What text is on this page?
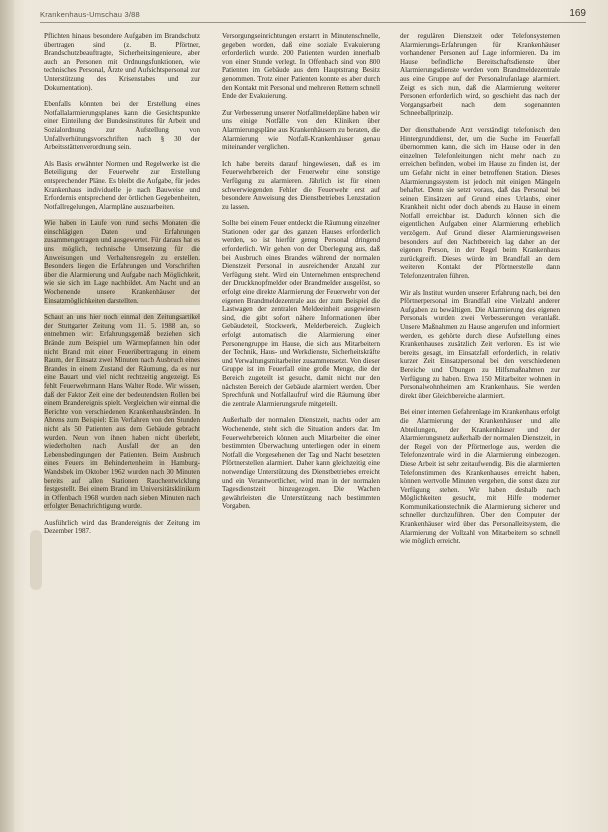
Krankenhaus-Umschau 3/88	169

Pflichten hinaus besondere Aufgaben im Brandschutz übertragen sind (z. B. Pförtner, Brandschutzbeauftragte, Sicherheitsingenieure, aber auch an Personen mit Ordnungsfunktionen, wie technisches Personal, Ärzte und Aufsichtspersonal zur Unterstützung des Krisenstabes und zur Dokumentation).

Ebenfalls könnten bei der Erstellung eines Notfallalarmierungsplanes kann die Gesichtspunkte einer Einteilung der Bundesinstitutes für Arbeit und Sozialordnung zur Aufstellung von Unfallverhütungsvorschriften nach § 30 der Arbeitsstättenverordnung sein.

Als Basis erwähnter Normen und Regelwerke ist die Beteiligung der Feuerwehr zur Erstellung entsprechender Pläne. Es bleibt die Aufgabe, für jedes Krankenhaus individuelle je nach Bauweise und Erfordernis entsprechend der örtlichen Gegebenheiten, Notfallregelungen, Alarmpläne auszuarbeiten.

Wie haben in Laufe von rund sechs Monaten die einschlägigen Daten und Erfahrungen zusammengetragen und ausgewertet. Für daraus hat es uns möglich, technische Umsetzung für die Anweisungen und Verhaltensregeln zu erstellen. Besonders liegen die Erfahrungen und Vorschriften über die Alarmierung und Aufgabe nach Möglichkeit, wie sie sich im Lage nachbildet. Am Nacht und an Wochenende unsere Krankenhäuser der Einsatzmöglichkeiten darstellten.

Schaut an uns hier noch einmal den Zeitungsartikel der Stuttgarter Zeitung vom 11. 5. 1988 an, so entnehmen wir: Erfahrungsgemäß beziehen sich Brände zum Beispiel um Wärmepfannen hin oder nicht Brand mit einer Feuerübertragung in einem Raum, der Einsatz zwei Minuten nach Ausbruch eines Brandes in einem Zustand der Räumung, da es nur eine Bauart und viel nicht rechtzeitig angezeigt. Es fehlt Feuerwehrmann Hans Walter Rode. Wir wissen, daß der Faktor Zeit eine der bedeutendsten Rollen bei einem Brandereignis spielt. Vergleichen wir einmal die Berichte von verschiedenen Krankenhausbränden. In Ahrens zum Beispiel: Ein Verfahren von den Stunden nicht als 50 Patienten aus dem Gebäude gebracht wurden. Neun von ihnen haben nicht überlebt, wiederholten nach Ausfall der an den Lebensbedingungen der Patienten. Beim Ausbruch eines Feuers im Behindertenheim in Hamburg-Wandsbek im Oktober 1962 wurden nach 30 Minuten bereits auf allen Stationen Rauchentwicklung festgestellt. Bei einem Brand im Universitätsklinikum in Offenbach 1968 wurden nach sieben Minuten nach erfolgter Benachrichtigung wurde.

Ausführlich wird das Brandereignis der Zeitung im Dezember 1987.

Versorgungseinrichtungen erstarrt in Minutenschnelle, gegeben worden, daß eine soziale Evakuierung erforderlich wurde. 200 Patienten wurden innerhalb von einer Stunde verlegt. In Offenbach sind von 800 Patienten im Gebäude aus dem Hauptstrang Besitz genommen. Trotz einer Patienten konnte es aber durch den Kontakt mit Personal und mehreren Rettern schnell Ende der Evakuierung.

Zur Verbesserung unserer Notfallmeldepläne haben wir uns einige Notfälle von den Kliniken über Alarmierungspläne aus Krankenhäusern zu beraten, die Alarmierung wie Notfall-Krankenhäuser genau miteinander verglichen.

Ich habe bereits darauf hingewiesen, daß es im Feuerwehrbereich der Feuerwehr eine sonstige Verfügung zu alarmieren. Jährlich ist für einen schwerwiegenden Fehler die Feuerwehr erst auf besondere Anweisung des Dienstbetriebes Lenzstation zu lassen.

Sollte bei einem Feuer entdeckt die Räumung einzelner Stationen oder gar des ganzen Hauses erforderlich werden, so ist hierfür genug Personal dringend erforderlich. Wir gehen von der Überlegung aus, daß bei Ausbruch eines Brandes während der normalen Dienstzeit Personal in ausreichender Anzahl zur Verfügung steht. Wird ein Unternehmen entsprechend der Druckknopfmelder oder Brandmelder ausgelöst, so erfolgt eine direkte Alarmierung der Feuerwehr von der eigenen Brandmeldezentrale aus der zum Beispiel die Lastwagen der zentralen Meldeeinheit ausgewiesen sind, die gibt sofort nähere Informationen über Gebäudeteil, Stockwerk, Melderbereich. Zugleich erfolgt automatisch die Alarmierung einer Personengruppe im Hause, die sich aus Mitarbeitern der Technik, Haus- und Werkdienste, Sicherheitskräfte und Verwaltungsmitarbeiter zusammensetzt. Von dieser Gruppe ist im Feuerfall eine große Menge, die der Bereich zugeteilt ist gesucht, damit nicht nur den nächsten Bereich der Gebäude alarmiert werden. Über Sprechfunk und Notfallaufruf wird die Räumung über die zentrale Alarmierungsrufe mitgeteilt.

Außerhalb der normalen Dienstzeit, nachts oder am Wochenende, steht sich die Situation anders dar. Im Feuerwehrbereich können auch Mitarbeiter die einer bestimmten Überwachung unterliegen oder in einem Notfall die Vorgesehenen der Tag und Nacht besetzten Pförtnerstellen alarmiert. Daher kann gleichzeitig eine notwendige Unterstützung des Dienstbetriebes erreicht und ein Verantwortlicher, wird man in der normalen Tagesdienstzeit hinzugezogen. Die Wachen gewährleisten die Unterstützung nach bestimmten Vorgaben.

der regulären Dienstzeit oder Telefonsystemen Alarmierungs-Erfahrungen für Krankenhäuser vorhandener Personen auf Lage informieren. Da im Hause befindliche Bereitschaftsdienste über Alarmierungsdienste werden vom Brandmeldezentrale aus eine Gruppe auf der Personalrufanlage alarmiert. Zeigt es sich nun, daß die Alarmierung weiterer Personen erforderlich wird, so geschieht das nach der Vorgangsarbeit nach dem sogenannten Schneeballprinzip.

Der diensthabende Arzt verständigt telefonisch den Hintergrunddienst, der, um die Suche im Feuerfall übernommen kann, die sich im Hause oder in den einzelnen Telefonleitungen nicht mehr nach zu erreichen befinden, wobei im Hause zu finden ist, der um Gefahr nicht in einer betroffenen Station. Dieses Alarmierungssystem ist jedoch mit einigen Mängeln behaftet. Denn sie setzt voraus, daß das Personal bei seinen Einsätzen auf Grund eines Urlaubs, einer Krankheit nicht oder doch abends zu Hause in einem Notfall erreichbar ist. Dadurch können sich die eigentlichen Aufgaben einer Alarmierung erheblich verzögern. Auf Grund dieser Alarmierungsweisen besonders auf den Nachtbereich lag daher an der eigenen Person, in der Regel beim Krankenhaus zurückgreift. Dieses würde im Brandfall an dem weiteren Kontakt der Pförtnerstelle dann Telefonzentralen führen.

Wir als Institut wurden unserer Erfahrung nach, bei den Pförtnerpersonal im Brandfall eine Vielzahl anderer Aufgaben zu bewältigen. Die Alarmierung des eigenen Personals wurden zwei Verbesserungen veranlaßt. Unsere Maßnahmen zu Hause angerufen und informiert werden, es gehörte durch diese Aufstellung eines Krankenhauses zusätzlich Zeit verloren. Es ist wie bereits gesagt, im Einsatzfall erforderlich, in relativ kurzer Zeit Einsatzpersonal bei den verschiedenen Bereiche und Übungen zu Hilfsmaßnahmen zur Verfügung zu haben. Etwa 150 Mitarbeiter wohnen in Personalwohnheimen am Krankenhaus. Sie werden direkt über Gleichbereiche alarmiert.

Bei einer internen Gefahrenlage im Krankenhaus erfolgt die Alarmierung der Krankenhäuser und alle Abteilungen, der Krankenhäuser und der Alarmierungsnetz außerhalb der normalen Dienstzeit, in der Regel von der Pförtnerloge aus, werden die Telefonzentrale wird in die Alarmierung einbezogen. Diese Arbeit ist sehr zeitaufwendig. Bis die alarmierten Telefonstimmen des Krankenhauses erreicht haben, können wertvolle Minuten vergehen, die sonst dazu zur Verfügung stehen. Wir haben deshalb nach Möglichkeiten gesucht, mit Hilfe moderner Kommunikationstechnik die Alarmierung sicherer und schneller durchzuführen. Über den Computer der Krankenhäuser wird über das Personalleitsystem, die Alarmierung der Vollzahl von Mitarbeitern so schnell wie möglich erreicht.
